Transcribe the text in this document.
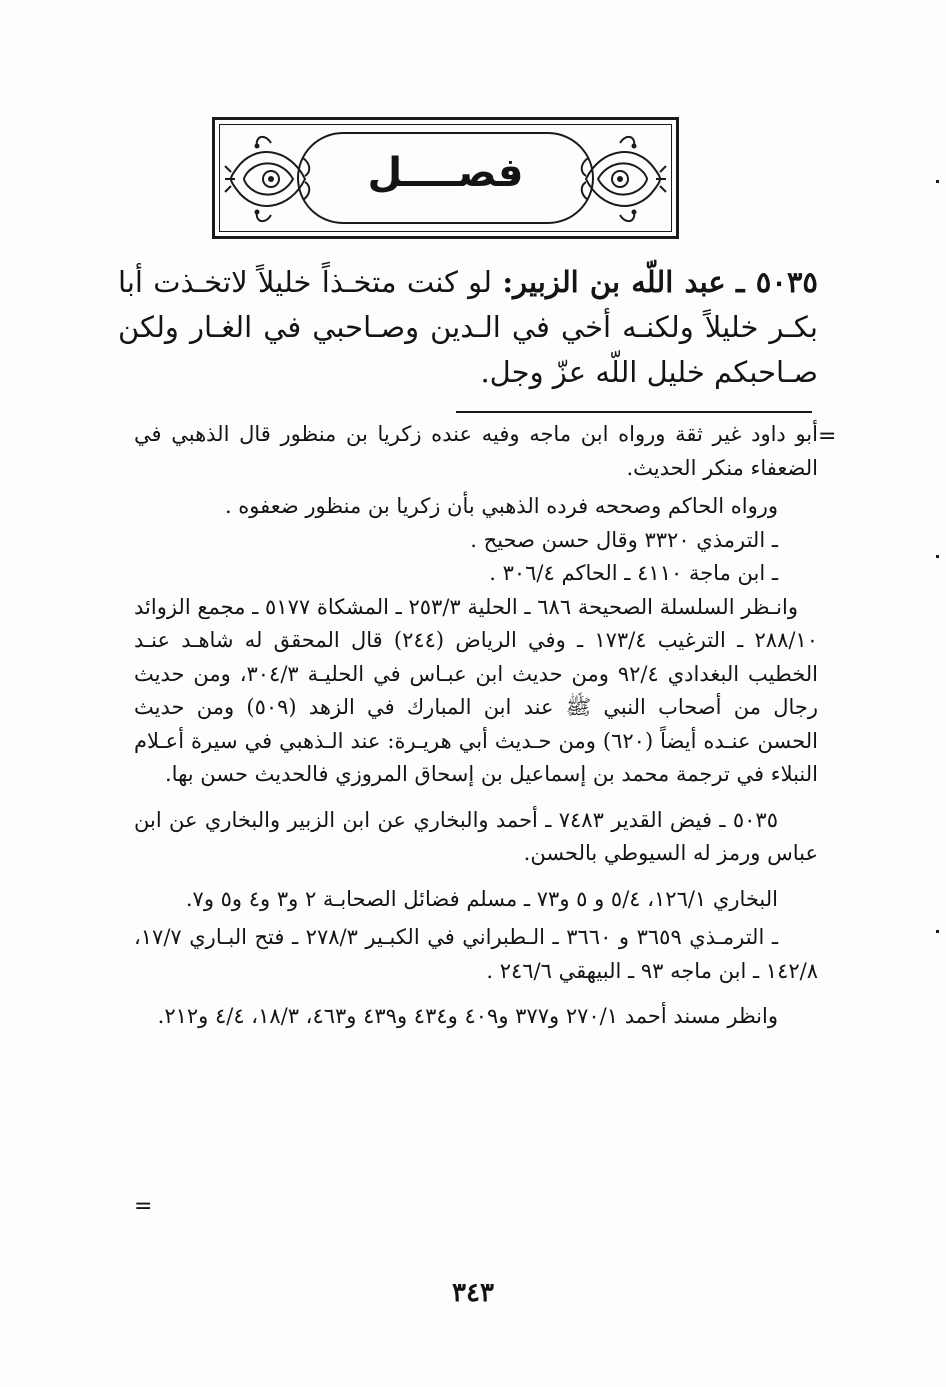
فصــــل
٥٠٣٥ ـ عبد اللّه بن الزبير: لو كنت متخـذاً خليلاً لاتخـذت أبا بكـر خليلاً ولكنـه أخي في الـدين وصـاحبي في الغـار ولكن صـاحبكم خليل اللّه عزّ وجل.
=

أبو داود غير ثقة ورواه ابن ماجه وفيه عنده زكريا بن منظور قال الذهبي في الضعفاء منكر الحديث.

ورواه الحاكم وصححه فرده الذهبي بأن زكريا بن منظور ضعفوه .

ـ الترمذي ٣٣٢٠ وقال حسن صحيح .

ـ ابن ماجة ٤١١٠ ـ الحاكم ٣٠٦/٤ .

وانـظر السلسلة الصحيحة ٦٨٦ ـ الحلية ٢٥٣/٣ ـ المشكاة ٥١٧٧ ـ مجمع الزوائد ٢٨٨/١٠ ـ الترغيب ١٧٣/٤ ـ وفي الرياض (٢٤٤) قال المحقق له شاهـد عنـد الخطيب البغدادي ٩٢/٤ ومن حديث ابن عبـاس في الحليـة ٣٠٤/٣، ومن حديث رجال من أصحاب النبي ﷺ عند ابن المبارك في الزهد (٥٠٩) ومن حديث الحسن عنـده أيضاً (٦٢٠) ومن حـديث أبي هريـرة: عند الـذهبي في سيرة أعـلام النبلاء في ترجمة محمد بن إسماعيل بن إسحاق المروزي فالحديث حسن بها.

٥٠٣٥ ـ فيض القدير ٧٤٨٣ ـ أحمد والبخاري عن ابن الزبير والبخاري عن ابن عباس ورمز له السيوطي بالحسن.

البخاري ١٢٦/١، ٥/٤ و ٥ و٧٣ ـ مسلم فضائل الصحابـة ٢ و٣ و٤ و٥ و٧.

ـ الترمـذي ٣٦٥٩ و ٣٦٦٠ ـ الـطبراني في الكبـير ٢٧٨/٣ ـ فتح البـاري ١٧/٧، ١٤٢/٨ ـ ابن ماجه ٩٣ ـ البيهقي ٢٤٦/٦ .

وانظر مسند أحمد ٢٧٠/١ و٣٧٧ و٤٠٩ و٤٣٤ و٤٣٩ و٤٦٣، ١٨/٣، ٤/٤ و٢١٢.

=
٣٤٣
